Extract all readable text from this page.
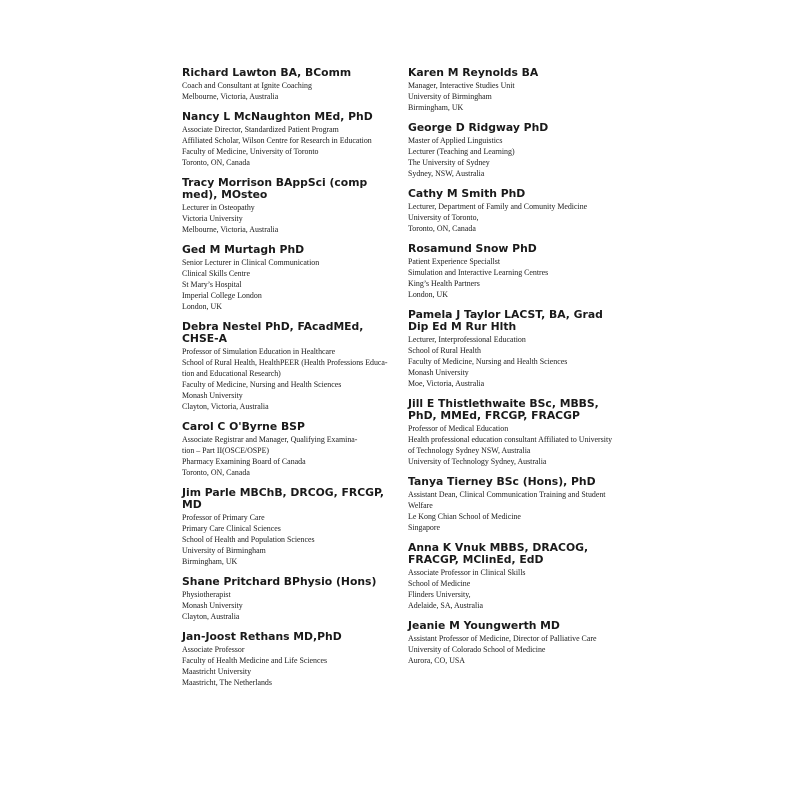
Richard Lawton BA, BComm
Coach and Consultant at Ignite Coaching
Melbourne, Victoria, Australia
Nancy L McNaughton MEd, PhD
Associate Director, Standardized Patient Program
Affiliated Scholar, Wilson Centre for Research in Education
Faculty of Medicine, University of Toronto
Toronto, ON, Canada
Tracy Morrison BAppSci (comp med), MOsteo
Lecturer in Osteopathy
Victoria University
Melbourne, Victoria, Australia
Ged M Murtagh PhD
Senior Lecturer in Clinical Communication
Clinical Skills Centre
St Mary’s Hospital
Imperial College London
London, UK
Debra Nestel PhD, FAcadMEd, CHSE-A
Professor of Simulation Education in Healthcare
School of Rural Health, HealthPEER (Health Professions Educa-
tion and Educational Research)
Faculty of Medicine, Nursing and Health Sciences
Monash University
Clayton, Victoria, Australia
Carol C O'Byrne BSP
Associate Registrar and Manager, Qualifying Examina-
tion – Part II(OSCE/OSPE)
Pharmacy Examining Board of Canada
Toronto, ON, Canada
Jim Parle MBChB, DRCOG, FRCGP, MD
Professor of Primary Care
Primary Care Clinical Sciences
School of Health and Population Sciences
University of Birmingham
Birmingham, UK
Shane Pritchard BPhysio (Hons)
Physiotherapist
Monash University
Clayton, Australia
Jan-Joost Rethans MD,PhD
Associate Professor
Faculty of Health Medicine and Life Sciences
Maastricht University
Maastricht, The Netherlands
Karen M Reynolds BA
Manager, Interactive Studies Unit
University of Birmingham
Birmingham, UK
George D Ridgway PhD
Master of Applied Linguistics
Lecturer (Teaching and Learning)
The University of Sydney
Sydney, NSW, Australia
Cathy M Smith PhD
Lecturer, Department of Family and Comunity Medicine
University of Toronto,
Toronto, ON, Canada
Rosamund Snow PhD
Patient Experience Speciallst
Simulation and Interactive Learning Centres
King’s Health Partners
London, UK
Pamela J Taylor LACST, BA, Grad Dip Ed M Rur Hlth
Lecturer, Interprofessional Education
School of Rural Health
Faculty of Medicine, Nursing and Health Sciences
Monash University
Moe, Victoria, Australia
Jill E Thistlethwaite BSc, MBBS, PhD, MMEd, FRCGP, FRACGP
Professor of Medical Education
Health professional education consultant Affiliated to University
of Technology Sydney NSW, Australia
University of Technology Sydney, Australia
Tanya Tierney BSc (Hons), PhD
Assistant Dean, Clinical Communication Training and Student
Welfare
Le Kong Chian School of Medicine
Singapore
Anna K Vnuk MBBS, DRACOG, FRACGP, MClinEd, EdD
Associate Professor in Clinical Skills
School of Medicine
Flinders University,
Adelaide, SA, Australia
Jeanie M Youngwerth MD
Assistant Professor of Medicine, Director of Palliative Care
University of Colorado School of Medicine
Aurora, CO, USA
